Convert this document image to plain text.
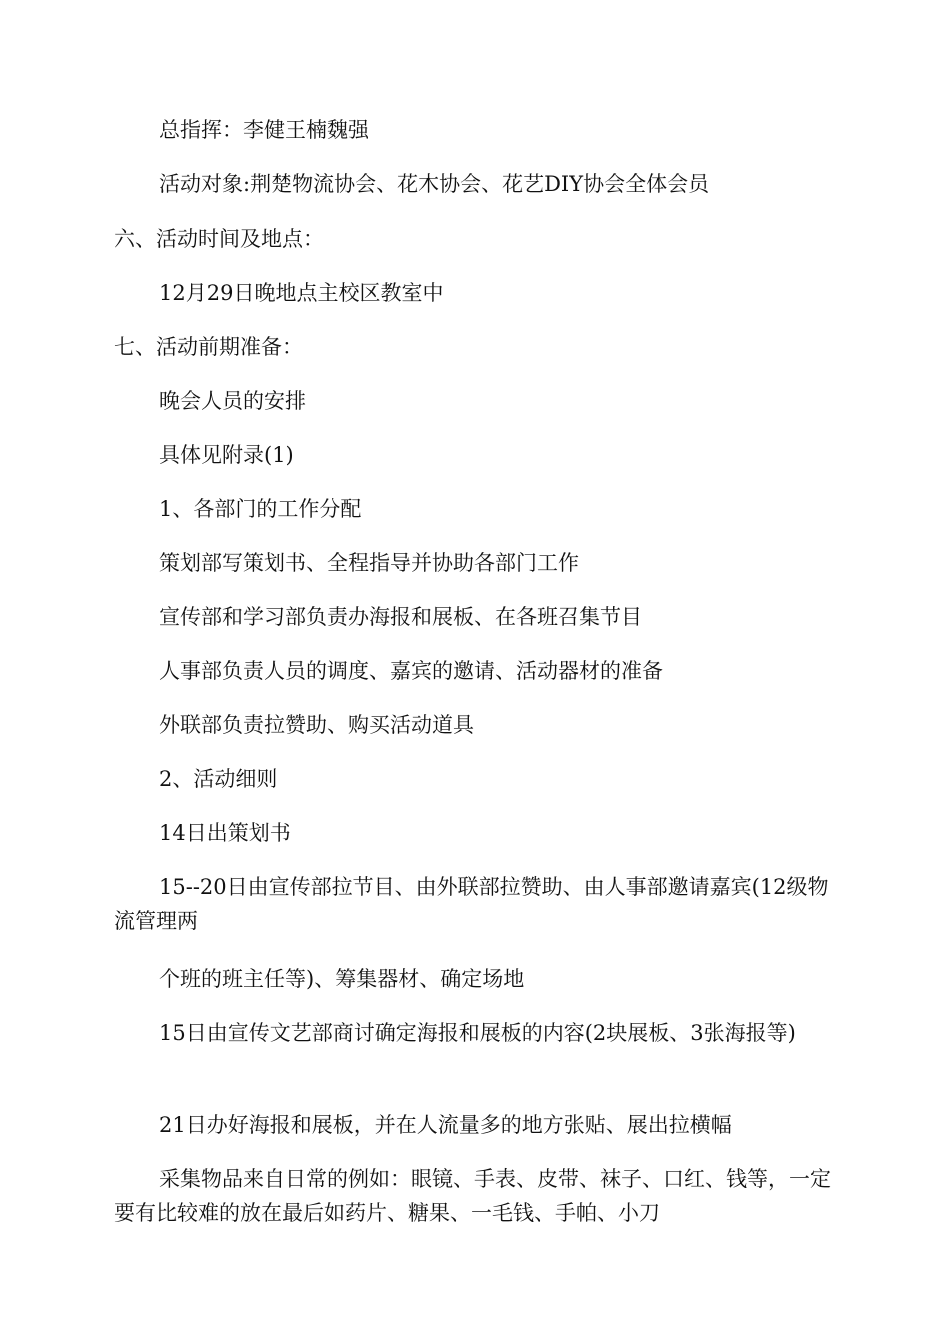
总指挥：李健王楠魏强

活动对象:荆楚物流协会、花木协会、花艺DIY协会全体会员

六、活动时间及地点：

12月29日晚地点主校区教室中

七、活动前期准备：

晚会人员的安排

具体见附录(1)

1、各部门的工作分配

策划部写策划书、全程指导并协助各部门工作

宣传部和学习部负责办海报和展板、在各班召集节目

人事部负责人员的调度、嘉宾的邀请、活动器材的准备

外联部负责拉赞助、购买活动道具

2、活动细则

14日出策划书

15--20日由宣传部拉节目、由外联部拉赞助、由人事部邀请嘉宾(12级物流管理两

个班的班主任等)、筹集器材、确定场地

15日由宣传文艺部商讨确定海报和展板的内容(2块展板、3张海报等)

21日办好海报和展板，并在人流量多的地方张贴、展出拉横幅

采集物品来自日常的例如：眼镜、手表、皮带、袜子、口红、钱等，一定要有比较难的放在最后如药片、糖果、一毛钱、手帕、小刀
